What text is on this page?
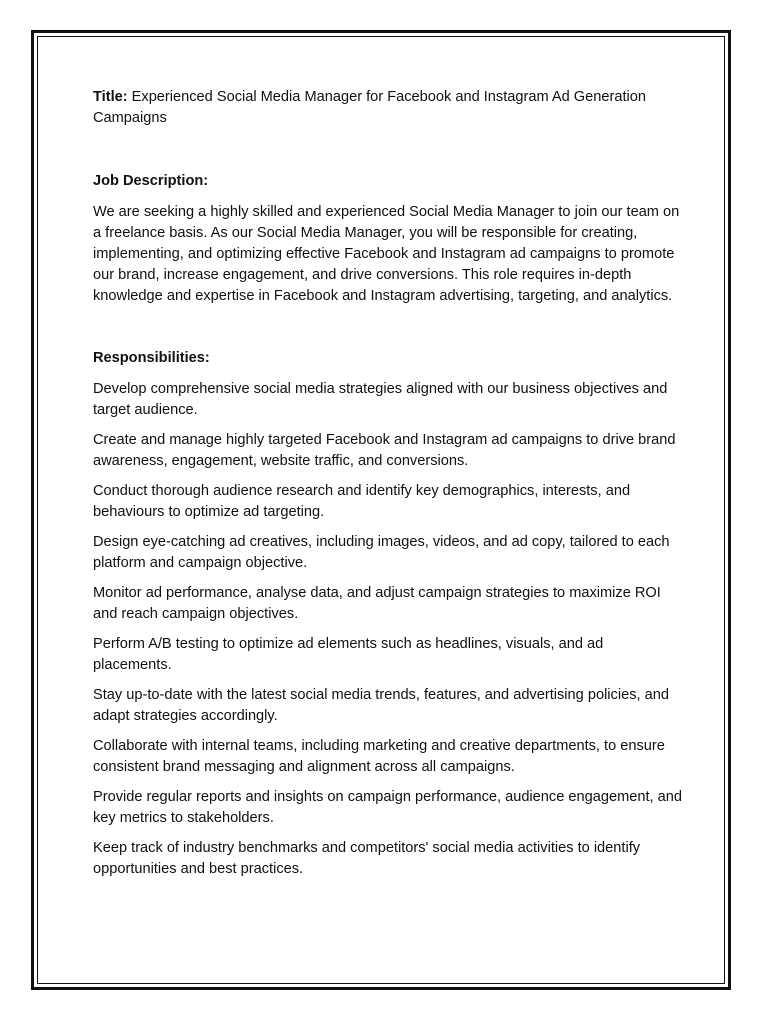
Title: Experienced Social Media Manager for Facebook and Instagram Ad Generation Campaigns

Job Description:

We are seeking a highly skilled and experienced Social Media Manager to join our team on a freelance basis. As our Social Media Manager, you will be responsible for creating, implementing, and optimizing effective Facebook and Instagram ad campaigns to promote our brand, increase engagement, and drive conversions. This role requires in-depth knowledge and expertise in Facebook and Instagram advertising, targeting, and analytics.

Responsibilities:

Develop comprehensive social media strategies aligned with our business objectives and target audience.
Create and manage highly targeted Facebook and Instagram ad campaigns to drive brand awareness, engagement, website traffic, and conversions.
Conduct thorough audience research and identify key demographics, interests, and behaviours to optimize ad targeting.
Design eye-catching ad creatives, including images, videos, and ad copy, tailored to each platform and campaign objective.
Monitor ad performance, analyse data, and adjust campaign strategies to maximize ROI and reach campaign objectives.
Perform A/B testing to optimize ad elements such as headlines, visuals, and ad placements.
Stay up-to-date with the latest social media trends, features, and advertising policies, and adapt strategies accordingly.
Collaborate with internal teams, including marketing and creative departments, to ensure consistent brand messaging and alignment across all campaigns.
Provide regular reports and insights on campaign performance, audience engagement, and key metrics to stakeholders.
Keep track of industry benchmarks and competitors' social media activities to identify opportunities and best practices.
